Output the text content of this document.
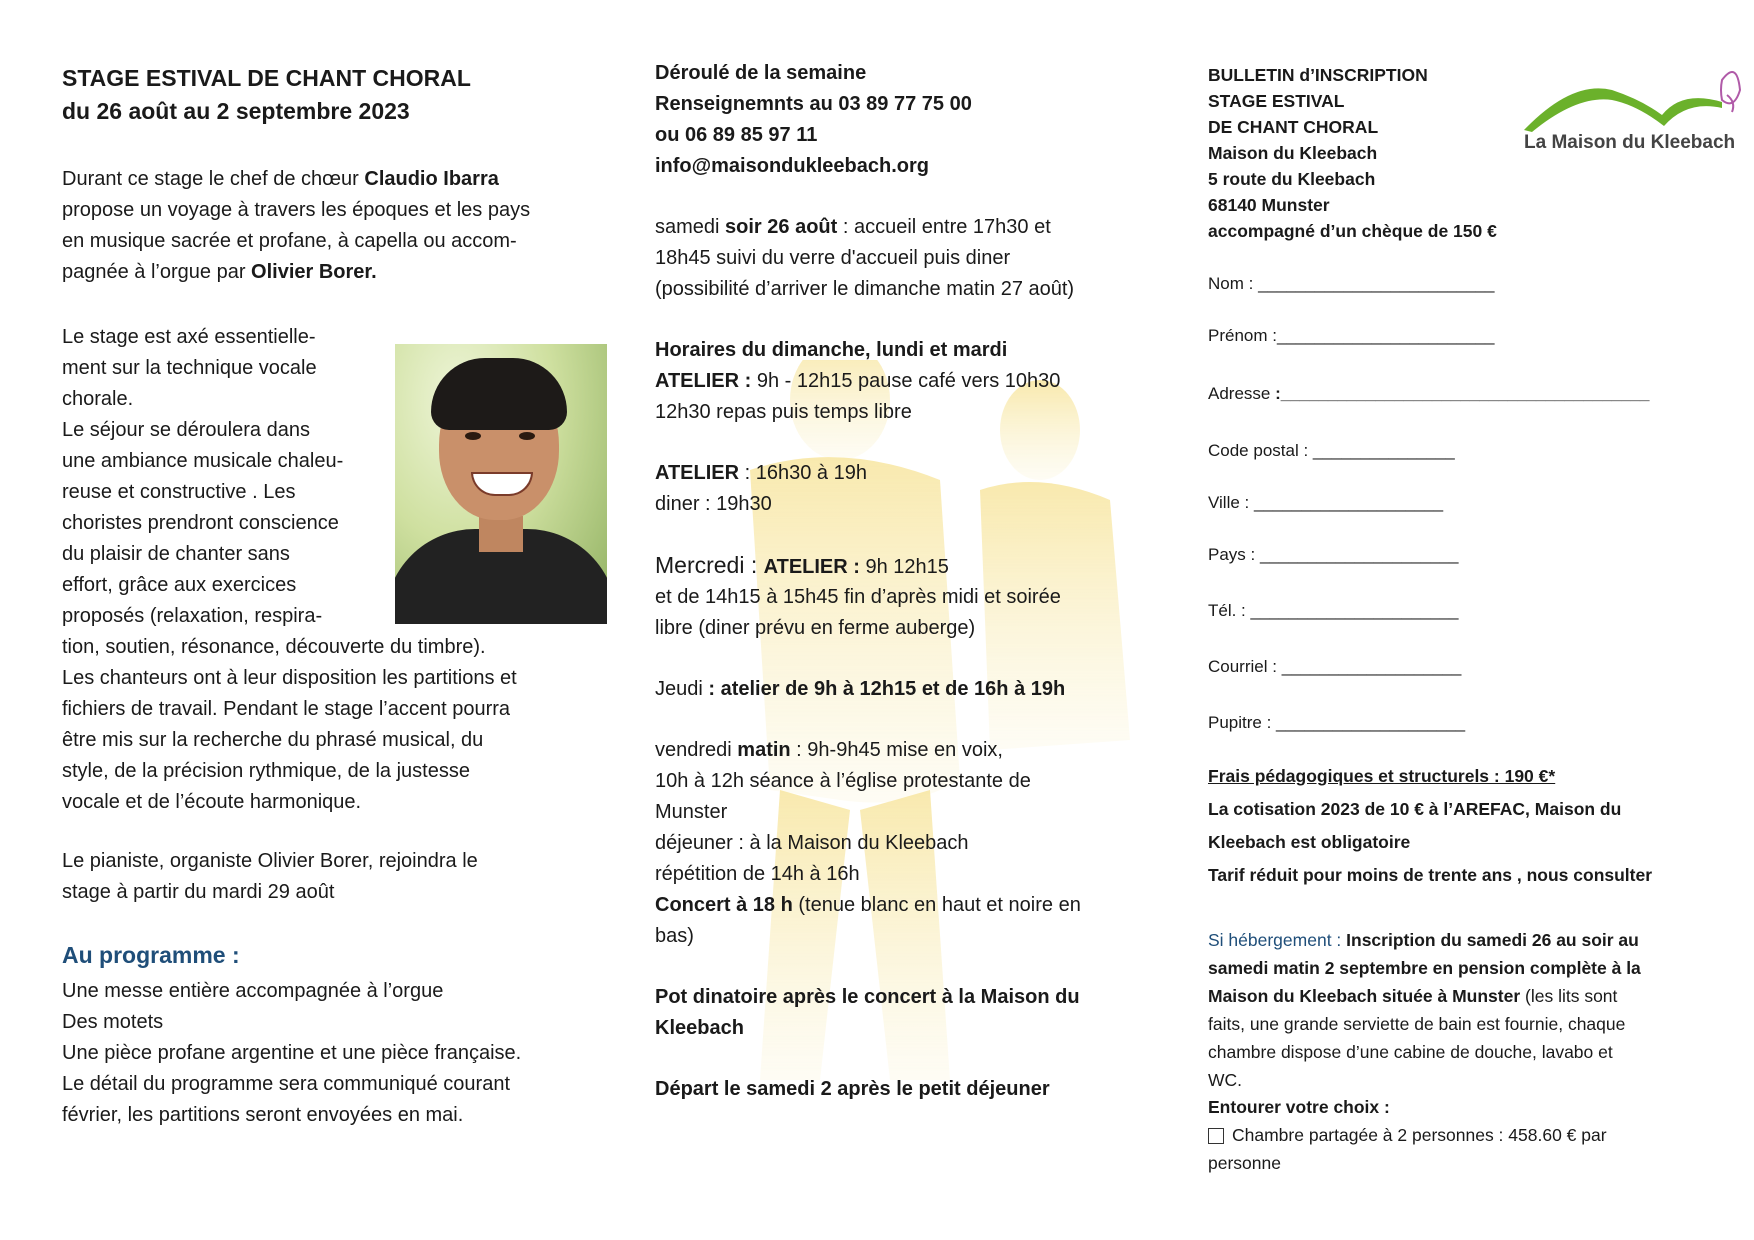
STAGE ESTIVAL DE CHANT CHORAL
du 26 août au 2 septembre 2023
Durant ce stage le chef de chœur Claudio Ibarra
propose un voyage à travers les époques et les pays
en musique sacrée et profane, à capella ou accom-
pagnée à l’orgue par Olivier Borer.
Le stage est axé essentielle-
ment sur la technique vocale
chorale.
Le séjour se déroulera dans
une ambiance musicale chaleu-
reuse et constructive . Les
choristes prendront conscience
du plaisir de chanter sans
effort, grâce aux exercices
proposés (relaxation, respira-
tion, soutien, résonance, découverte du timbre).
Les chanteurs ont à leur disposition les partitions et
fichiers de travail. Pendant le stage l’accent pourra
être mis sur la recherche du phrasé musical, du
style, de la précision rythmique, de la justesse
vocale et de l’écoute harmonique.
Le pianiste, organiste Olivier Borer, rejoindra le
stage à partir du mardi 29 août
Au programme :
Une messe entière accompagnée à l’orgue
Des motets
Une pièce profane argentine et une pièce française.
Le détail du programme sera communiqué courant
février, les partitions seront envoyées en mai.
Déroulé de la semaine
Renseignemnts au 03 89 77 75 00
ou 06 89 85 97 11
info@maisondukleebach.org
samedi soir 26 août : accueil entre 17h30 et
18h45 suivi du verre d'accueil puis diner
(possibilité d’arriver le dimanche matin 27 août)
Horaires du dimanche, lundi et mardi
ATELIER : 9h - 12h15 pause café vers 10h30
12h30 repas puis temps libre
ATELIER : 16h30 à 19h
diner : 19h30
Mercredi : ATELIER : 9h 12h15
et de 14h15 à 15h45 fin d’après midi et soirée
libre (diner prévu en ferme auberge)
Jeudi : atelier de 9h à 12h15 et de 16h à 19h
vendredi matin : 9h-9h45 mise en voix,
10h à 12h séance à l’église protestante de
Munster
déjeuner : à la Maison du Kleebach
répétition de 14h à 16h
Concert à 18 h (tenue blanc en haut et noire en
bas)
Pot dinatoire après le concert à la Maison du
Kleebach
Départ le samedi 2 après le petit déjeuner
La Maison du Kleebach
BULLETIN d’INSCRIPTION
STAGE ESTIVAL
DE CHANT CHORAL
Maison du Kleebach
5 route du Kleebach
68140 Munster
accompagné d’un chèque de 150 €
Nom : _________________________
Prénom :_______________________
Adresse :_______________________________________
Code postal : _______________
Ville : ____________________
Pays : _____________________
Tél. : ______________________
Courriel : ___________________
Pupitre : ____________________
Frais pédagogiques et structurels : 190 €*
La cotisation 2023 de 10 € à l’AREFAC, Maison du
Kleebach est obligatoire
Tarif réduit pour moins de trente ans , nous consulter
Si hébergement : Inscription du samedi 26 au soir au
samedi matin 2 septembre en pension complète à la
Maison du Kleebach située à Munster (les lits sont
faits, une grande serviette de bain est fournie, chaque
chambre dispose d’une cabine de douche, lavabo et
WC.
Entourer votre choix :
Chambre partagée à 2 personnes : 458.60 € par
personne
